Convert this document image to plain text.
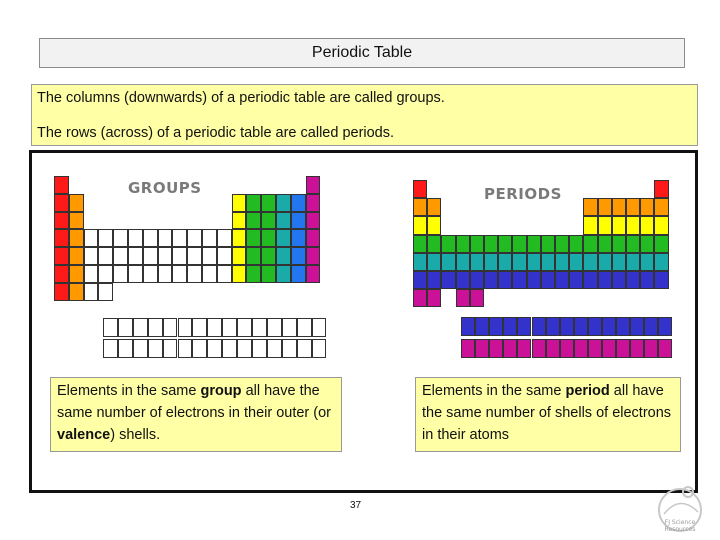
Periodic Table

The columns (downwards) of a periodic table are called groups.

The rows (across) of a periodic table are called periods.

GROUPS	PERIODS
Elements in the same group all have the same number of electrons in their outer (or valence) shells.
Elements in the same period all have the same number of shells of electrons in their atoms
37
FJ Science
Resources
